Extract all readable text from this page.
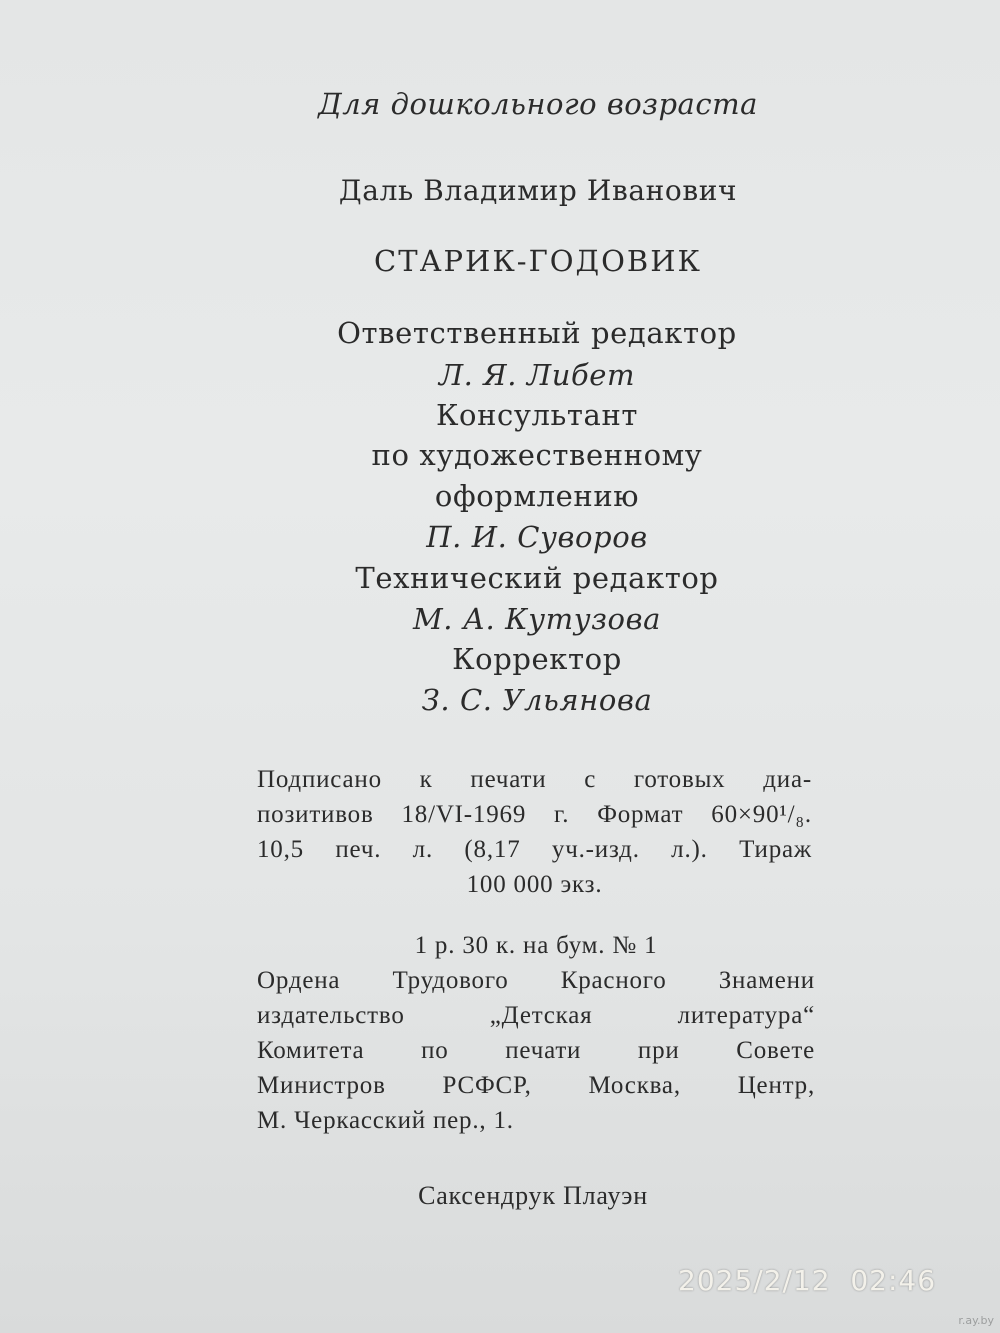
Для дошкольного возраста
Даль Владимир Иванович
СТАРИК-ГОДОВИК
Ответственный редактор
Л. Я. Либет
Консультант
по художественному
оформлению
П. И. Суворов
Технический редактор
М. А. Кутузова
Корректор
З. С. Ульянова
Подписано к печати с готовых диа-
позитивов 18/VI-1969 г. Формат 60×90¹/₈.
10,5 печ. л. (8,17 уч.-изд. л.). Тираж
100 000 экз.
1 р. 30 к. на бум. № 1
Ордена Трудового Красного Знамени
издательство „Детская литература“
Комитета по печати при Совете
Министров РСФСР, Москва, Центр,
М. Черкасский пер., 1.
Саксендрук Плауэн
2025/2/12  02:46
r.ay.by
